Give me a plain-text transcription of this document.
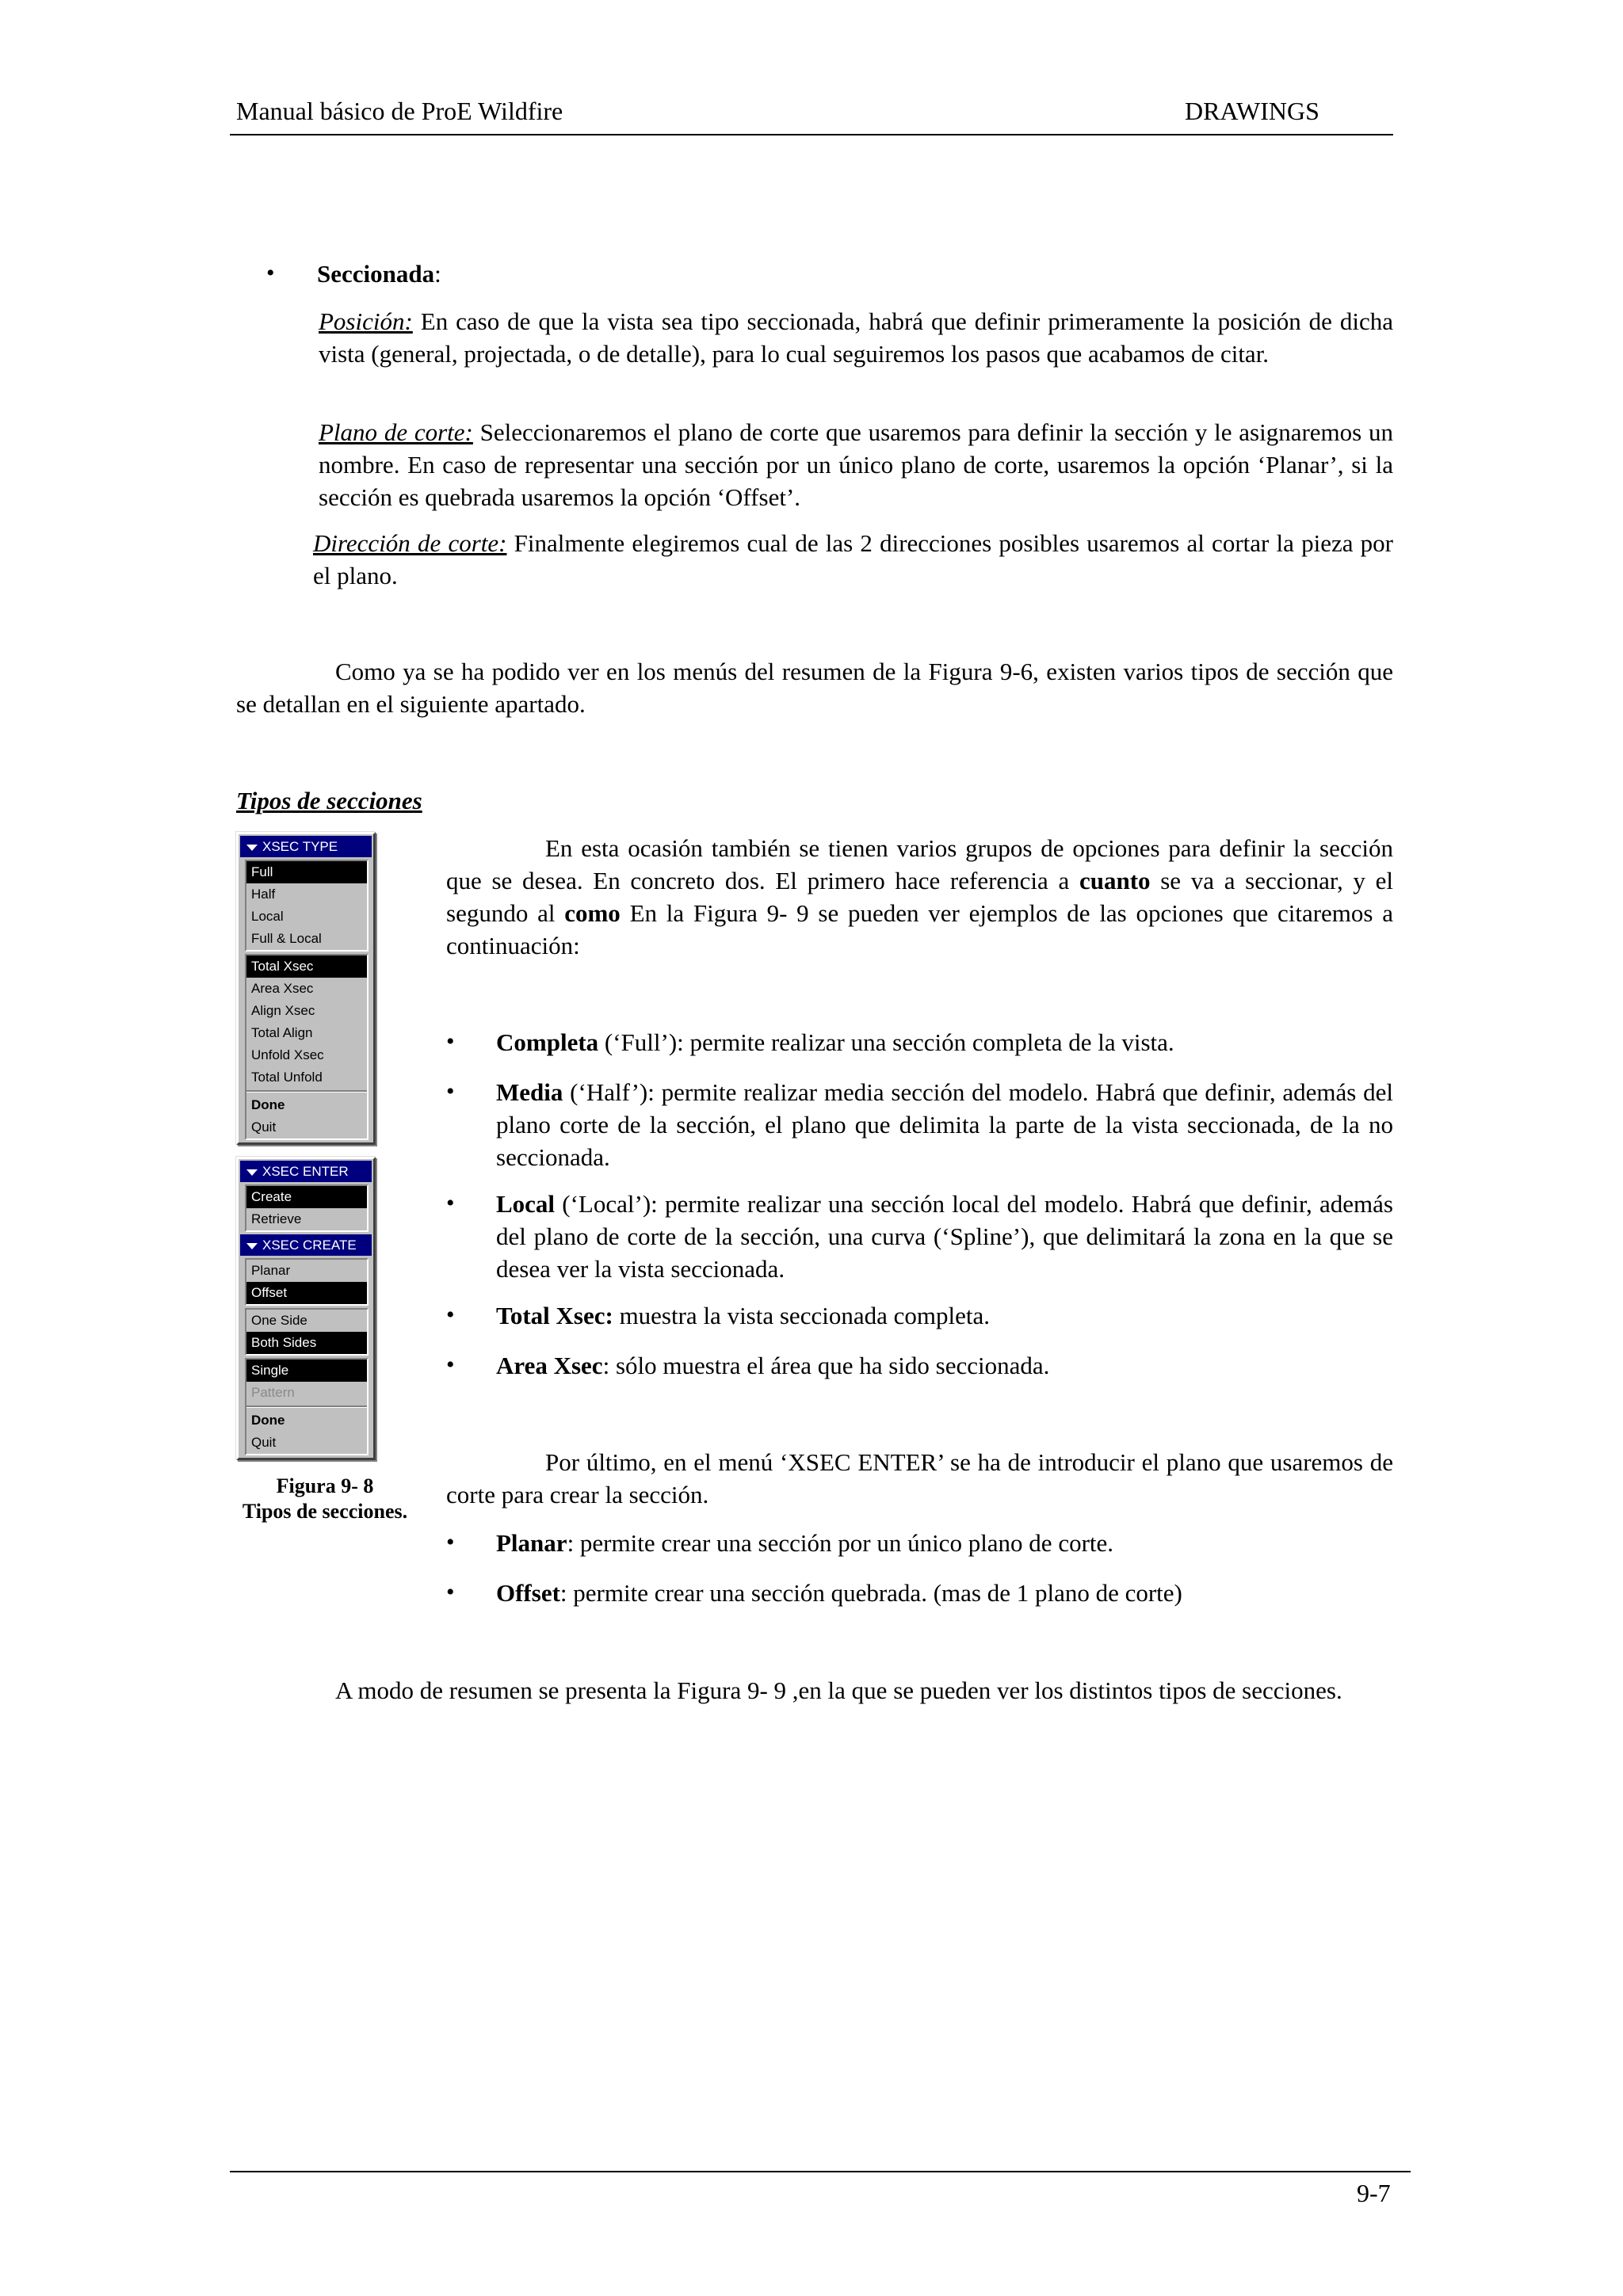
Manual básico de ProE Wildfire	DRAWINGS
• Seccionada:
Posición: En caso de que la vista sea tipo seccionada, habrá que definir primeramente la posición de dicha vista (general, projectada, o de detalle), para lo cual seguiremos los pasos que acabamos de citar.
Plano de corte: Seleccionaremos el plano de corte que usaremos para definir la sección y le asignaremos un nombre. En caso de representar una sección por un único plano de corte, usaremos la opción ‘Planar’, si la sección es quebrada usaremos la opción ‘Offset’.
Dirección de corte: Finalmente elegiremos cual de las 2 direcciones posibles usaremos al cortar la pieza por el plano.
Como ya se ha podido ver en los menús del resumen de la Figura 9-6, existen varios tipos de sección que se detallan en el siguiente apartado.
Tipos de secciones
XSEC TYPE
Full
Half
Local
Full & Local
Total Xsec
Area Xsec
Align Xsec
Total Align
Unfold Xsec
Total Unfold
Done
Quit
XSEC ENTER
Create
Retrieve
XSEC CREATE
Planar
Offset
One Side
Both Sides
Single
Pattern
Done
Quit
Figura 9- 8
Tipos de secciones.
En esta ocasión también se tienen varios grupos de opciones para definir la sección que se desea. En concreto dos. El primero hace referencia a cuanto se va a seccionar, y el segundo al como En la Figura 9- 9 se pueden ver ejemplos de las opciones que citaremos a continuación:
• Completa (‘Full’): permite realizar una sección completa de la vista.
• Media (‘Half’): permite realizar media sección del modelo. Habrá que definir, además del plano corte de la sección, el plano que delimita la parte de la vista seccionada, de la no seccionada.
• Local (‘Local’): permite realizar una sección local del modelo. Habrá que definir, además del plano de corte de la sección, una curva (‘Spline’), que delimitará la zona en la que se desea ver la vista seccionada.
• Total Xsec: muestra la vista seccionada completa.
• Area Xsec: sólo muestra el área que ha sido seccionada.
Por último, en el menú ‘XSEC ENTER’ se ha de introducir el plano que usaremos de corte para crear la sección.
• Planar: permite crear una sección por un único plano de corte.
• Offset: permite crear una sección quebrada. (mas de 1 plano de corte)
A modo de resumen se presenta la Figura 9- 9 ,en la que se pueden ver los distintos tipos de secciones.
9-7
